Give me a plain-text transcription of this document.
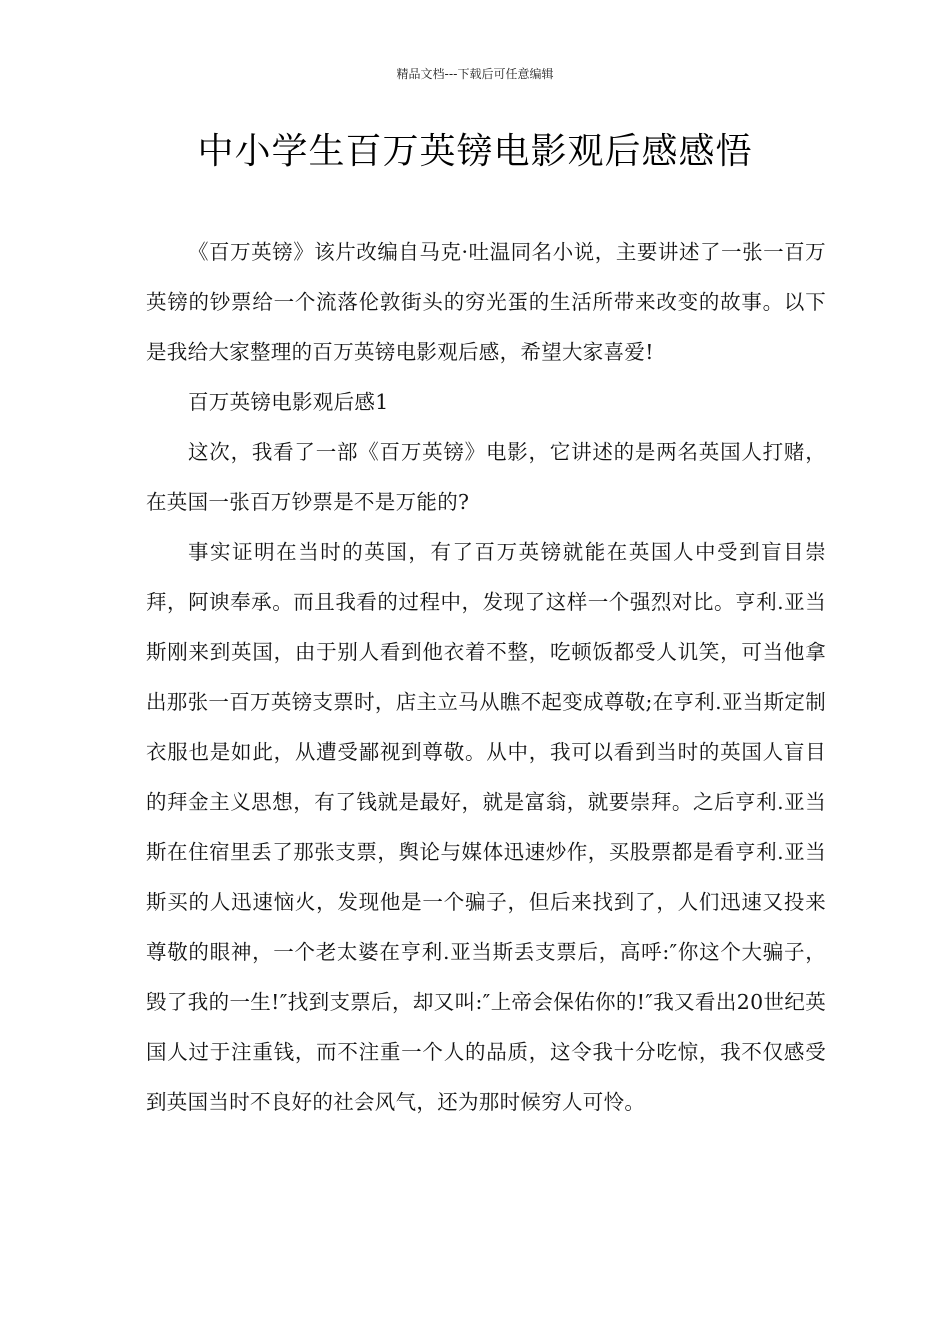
精品文档---下载后可任意编辑
中小学生百万英镑电影观后感感悟

《百万英镑》该片改编自马克·吐温同名小说，主要讲述了一张一百万英镑的钞票给一个流落伦敦街头的穷光蛋的生活所带来改变的故事。以下是我给大家整理的百万英镑电影观后感，希望大家喜爱!

百万英镑电影观后感1

这次，我看了一部《百万英镑》电影，它讲述的是两名英国人打赌，在英国一张百万钞票是不是万能的?

事实证明在当时的英国，有了百万英镑就能在英国人中受到盲目崇拜，阿谀奉承。而且我看的过程中，发现了这样一个强烈对比。亨利.亚当斯刚来到英国，由于别人看到他衣着不整，吃顿饭都受人讥笑，可当他拿出那张一百万英镑支票时，店主立马从瞧不起变成尊敬;在亨利.亚当斯定制衣服也是如此，从遭受鄙视到尊敬。从中，我可以看到当时的英国人盲目的拜金主义思想，有了钱就是最好，就是富翁，就要崇拜。之后亨利.亚当斯在住宿里丢了那张支票，舆论与媒体迅速炒作，买股票都是看亨利.亚当斯买的人迅速恼火，发现他是一个骗子，但后来找到了，人们迅速又投来尊敬的眼神，一个老太婆在亨利.亚当斯丢支票后，高呼:″你这个大骗子，毁了我的一生!″找到支票后，却又叫:″上帝会保佑你的!″我又看出20世纪英国人过于注重钱，而不注重一个人的品质，这令我十分吃惊，我不仅感受到英国当时不良好的社会风气，还为那时候穷人可怜。
